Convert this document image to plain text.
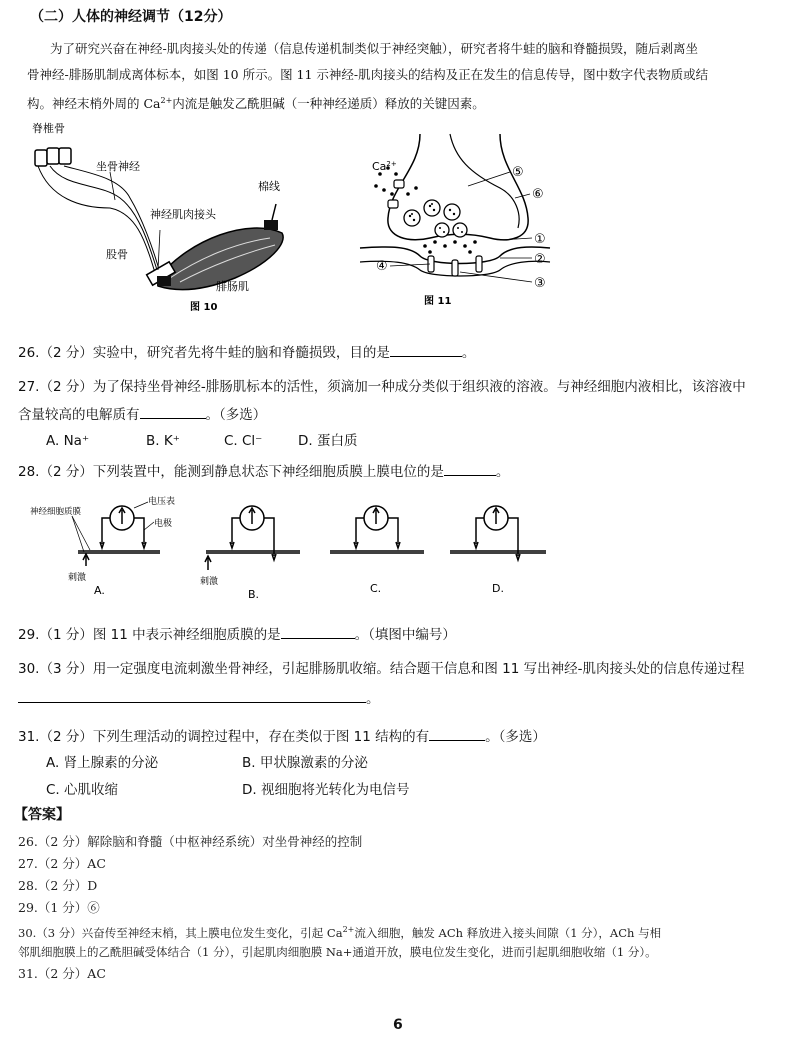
（二）人体的神经调节（12分）
为了研究兴奋在神经-肌肉接头处的传递（信息传递机制类似于神经突触），研究者将牛蛙的脑和脊髓损毁，随后剥离坐
骨神经-腓肠肌制成离体标本，如图 10 所示。图 11 示神经-肌肉接头的结构及正在发生的信息传导，图中数字代表物质或结
构。神经末梢外周的 $Ca^{2+}$内流是触发乙酰胆碱（一种神经递质）释放的关键因素。
脊椎骨
坐骨神经
神经肌肉接头
棉线
股骨
腓肠肌
图 10
$Ca^{2+}$
⑤
⑥
①
②
③
④
图 11
26.（2 分）实验中，研究者先将牛蛙的脑和脊髓损毁，目的是	。
27.（2 分）为了保持坐骨神经-腓肠肌标本的活性，须滴加一种成分类似于组织液的溶液。与神经细胞内液相比，该溶液中
含量较高的电解质有	。（多选）
A. Na⁺	B. K⁺	C. Cl⁻	D. 蛋白质
28.（2 分）下列装置中，能测到静息状态下神经细胞质膜上膜电位的是	。
电压表
电极
神经细胞质膜
刺激
A.
刺激
B.	C.	D.
29.（1 分）图 11 中表示神经细胞质膜的是	。（填图中编号）
30.（3 分）用一定强度电流刺激坐骨神经，引起腓肠肌收缩。结合题干信息和图 11 写出神经-肌肉接头处的信息传递过程
。
31.（2 分）下列生理活动的调控过程中，存在类似于图 11 结构的有	。（多选）
A. 肾上腺素的分泌	B. 甲状腺激素的分泌
C. 心肌收缩	D. 视细胞将光转化为电信号
【答案】
26.（2 分）解除脑和脊髓（中枢神经系统）对坐骨神经的控制
27.（2 分）AC
28.（2 分）D
29.（1 分）⑥
30.（3 分）兴奋传至神经末梢，其上膜电位发生变化，引起 $Ca^{2+}$流入细胞，触发 ACh 释放进入接头间隙（1 分），ACh 与相
邻肌细胞膜上的乙酰胆碱受体结合（1 分），引起肌肉细胞膜 Na+通道开放，膜电位发生变化，进而引起肌细胞收缩（1 分）。
31.（2 分）AC
6
